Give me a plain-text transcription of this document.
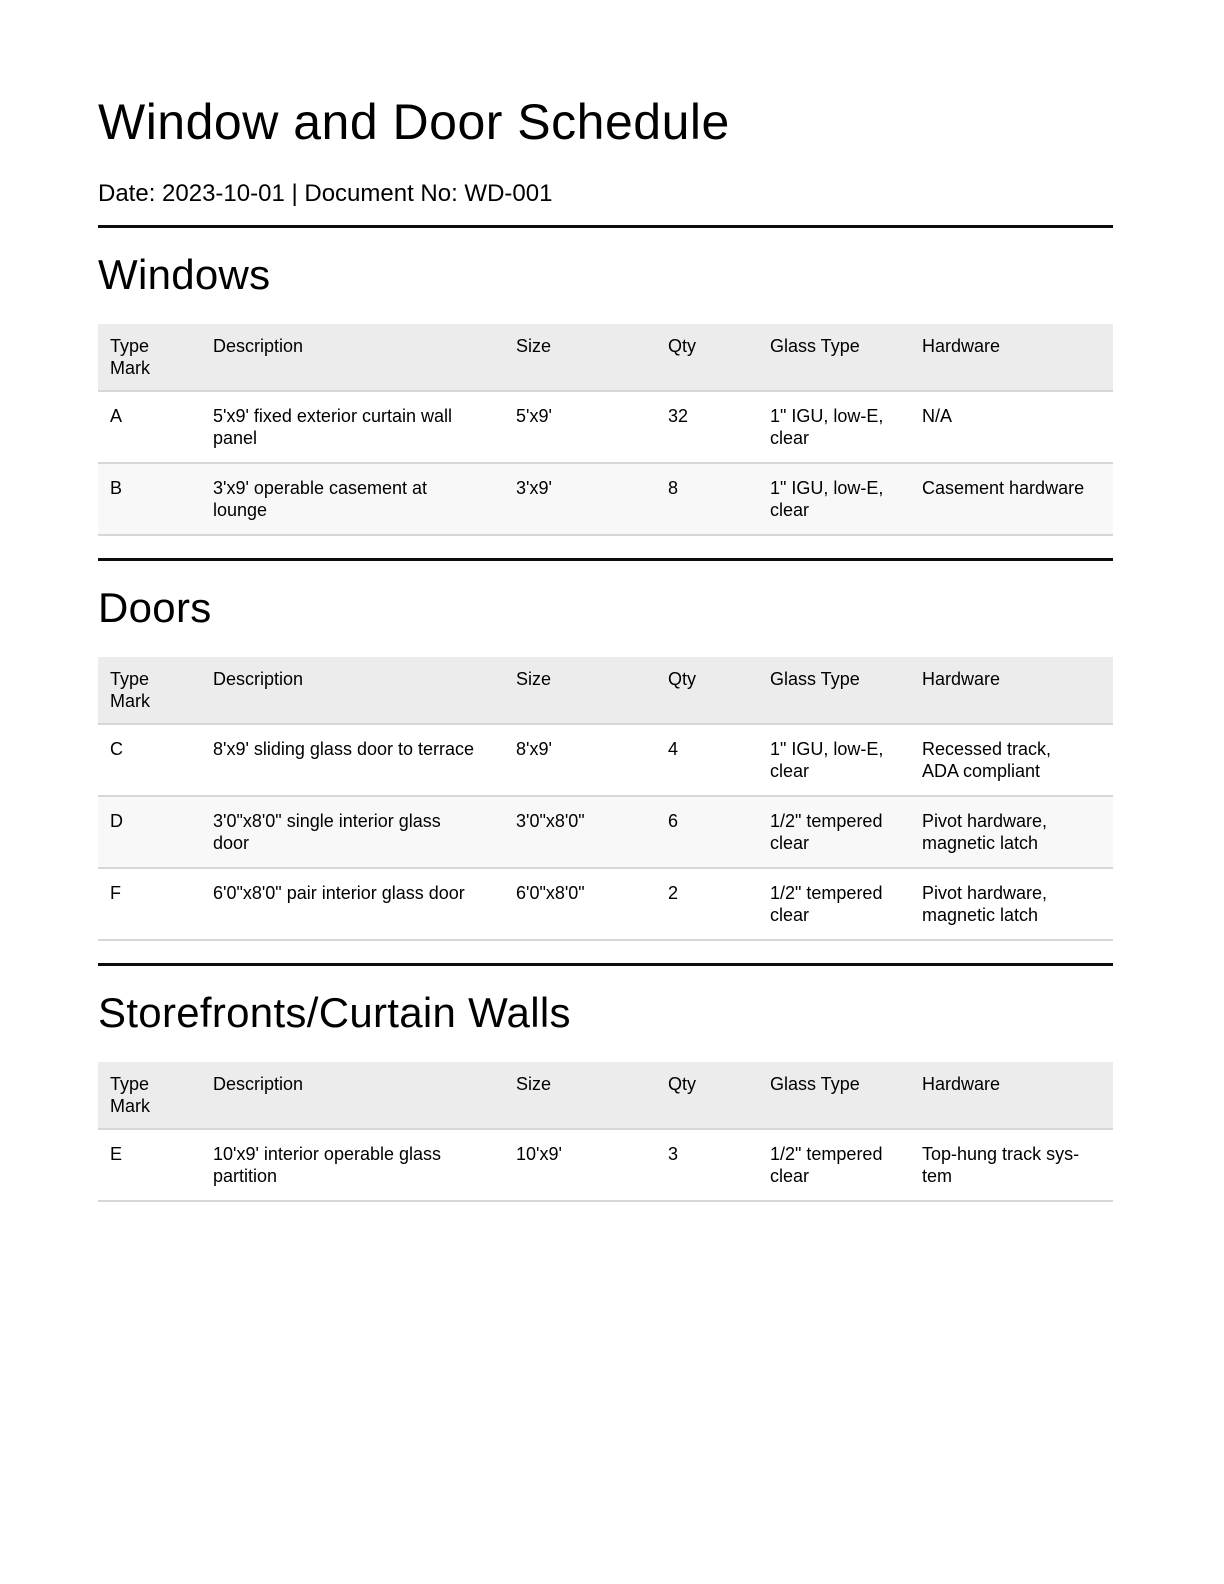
Window and Door Schedule

Date: 2023-10-01 | Document No: WD-001

Windows
Type Mark	Description	Size	Qty	Glass Type	Hardware
A	5'x9' fixed exterior curtain wall panel	5'x9'	32	1" IGU, low-E, clear	N/A
B	3'x9' operable casement at lounge	3'x9'	8	1" IGU, low-E, clear	Casement hardware
Doors
Type Mark	Description	Size	Qty	Glass Type	Hardware
C	8'x9' sliding glass door to terrace	8'x9'	4	1" IGU, low-E, clear	Recessed track, ADA compliant
D	3'0"x8'0" single interior glass door	3'0"x8'0"	6	1/2" tempered clear	Pivot hardware, magnetic latch
F	6'0"x8'0" pair interior glass door	6'0"x8'0"	2	1/2" tempered clear	Pivot hardware, magnetic latch
Storefronts/Curtain Walls
Type Mark	Description	Size	Qty	Glass Type	Hardware
E	10'x9' interior operable glass partition	10'x9'	3	1/2" tempered clear	Top-hung track system
